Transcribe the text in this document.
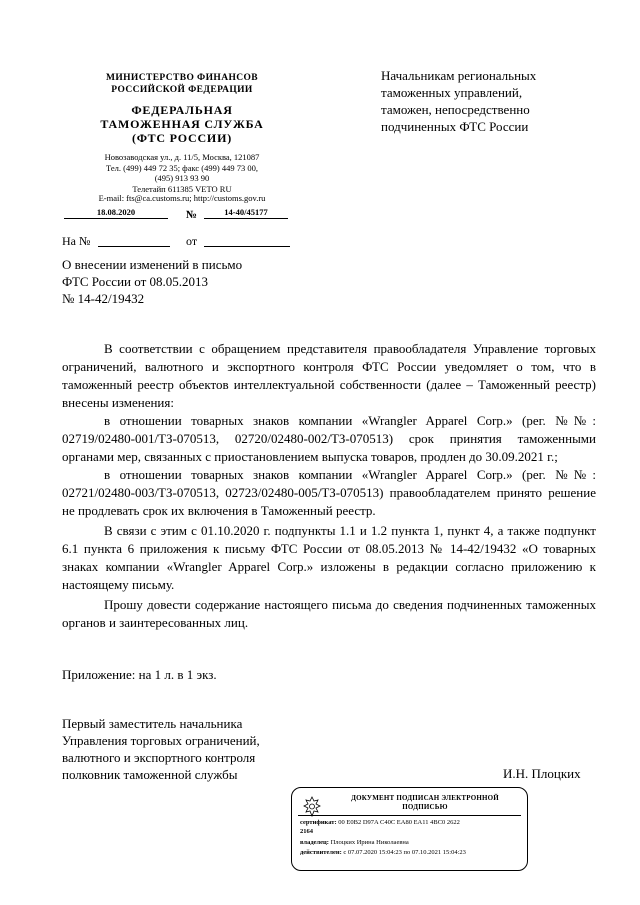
МИНИСТЕРСТВО ФИНАНСОВ
РОССИЙСКОЙ ФЕДЕРАЦИИ
ФЕДЕРАЛЬНАЯ
ТАМОЖЕННАЯ СЛУЖБА
(ФТС РОССИИ)
Новозаводская ул., д. 11/5, Москва, 121087
Тел. (499) 449 72 35; факс (499) 449 73 00,
(495) 913 93 90
Телетайп 611385 VETO RU
E-mail: fts@ca.customs.ru; http://customs.gov.ru
18.08.2020	№	14-40/45177
На №	от
Начальникам региональных
таможенных управлений,
таможен, непосредственно
подчиненных ФТС России
О внесении изменений в письмо
ФТС России от 08.05.2013
№ 14-42/19432

В соответствии с обращением представителя правообладателя Управление торговых ограничений, валютного и экспортного контроля ФТС России уведомляет о том, что в таможенный реестр объектов интеллектуальной собственности (далее – Таможенный реестр) внесены изменения:

в отношении товарных знаков компании «Wrangler Apparel Corp.» (рег. №№: 02719/02480-001/ТЗ-070513, 02720/02480-002/ТЗ-070513) срок принятия таможенными органами мер, связанных с приостановлением выпуска товаров, продлен до 30.09.2021 г.;

в отношении товарных знаков компании «Wrangler Apparel Corp.» (рег. №№: 02721/02480-003/ТЗ-070513, 02723/02480-005/ТЗ-070513) правообладателем принято решение не продлевать срок их включения в Таможенный реестр.

В связи с этим с 01.10.2020 г. подпункты 1.1 и 1.2 пункта 1, пункт 4, а также подпункт 6.1 пункта 6 приложения к письму ФТС России от 08.05.2013 № 14-42/19432 «О товарных знаках компании «Wrangler Apparel Corp.» изложены в редакции согласно приложению к настоящему письму.

Прошу довести содержание настоящего письма до сведения подчиненных таможенных органов и заинтересованных лиц.

Приложение: на 1 л. в 1 экз.
Первый заместитель начальника
Управления торговых ограничений,
валютного и экспортного контроля
полковник таможенной службы	И.Н. Плоцких
ДОКУМЕНТ ПОДПИСАН ЭЛЕКТРОННОЙ
ПОДПИСЬЮ
сертификат: 00 E0B2 D97A C40C EA80 EA11 4BC0 2622
2164
владелец: Плоцких Ирина Николаевна
действителен: с 07.07.2020 15:04:23 по 07.10.2021 15:04:23
